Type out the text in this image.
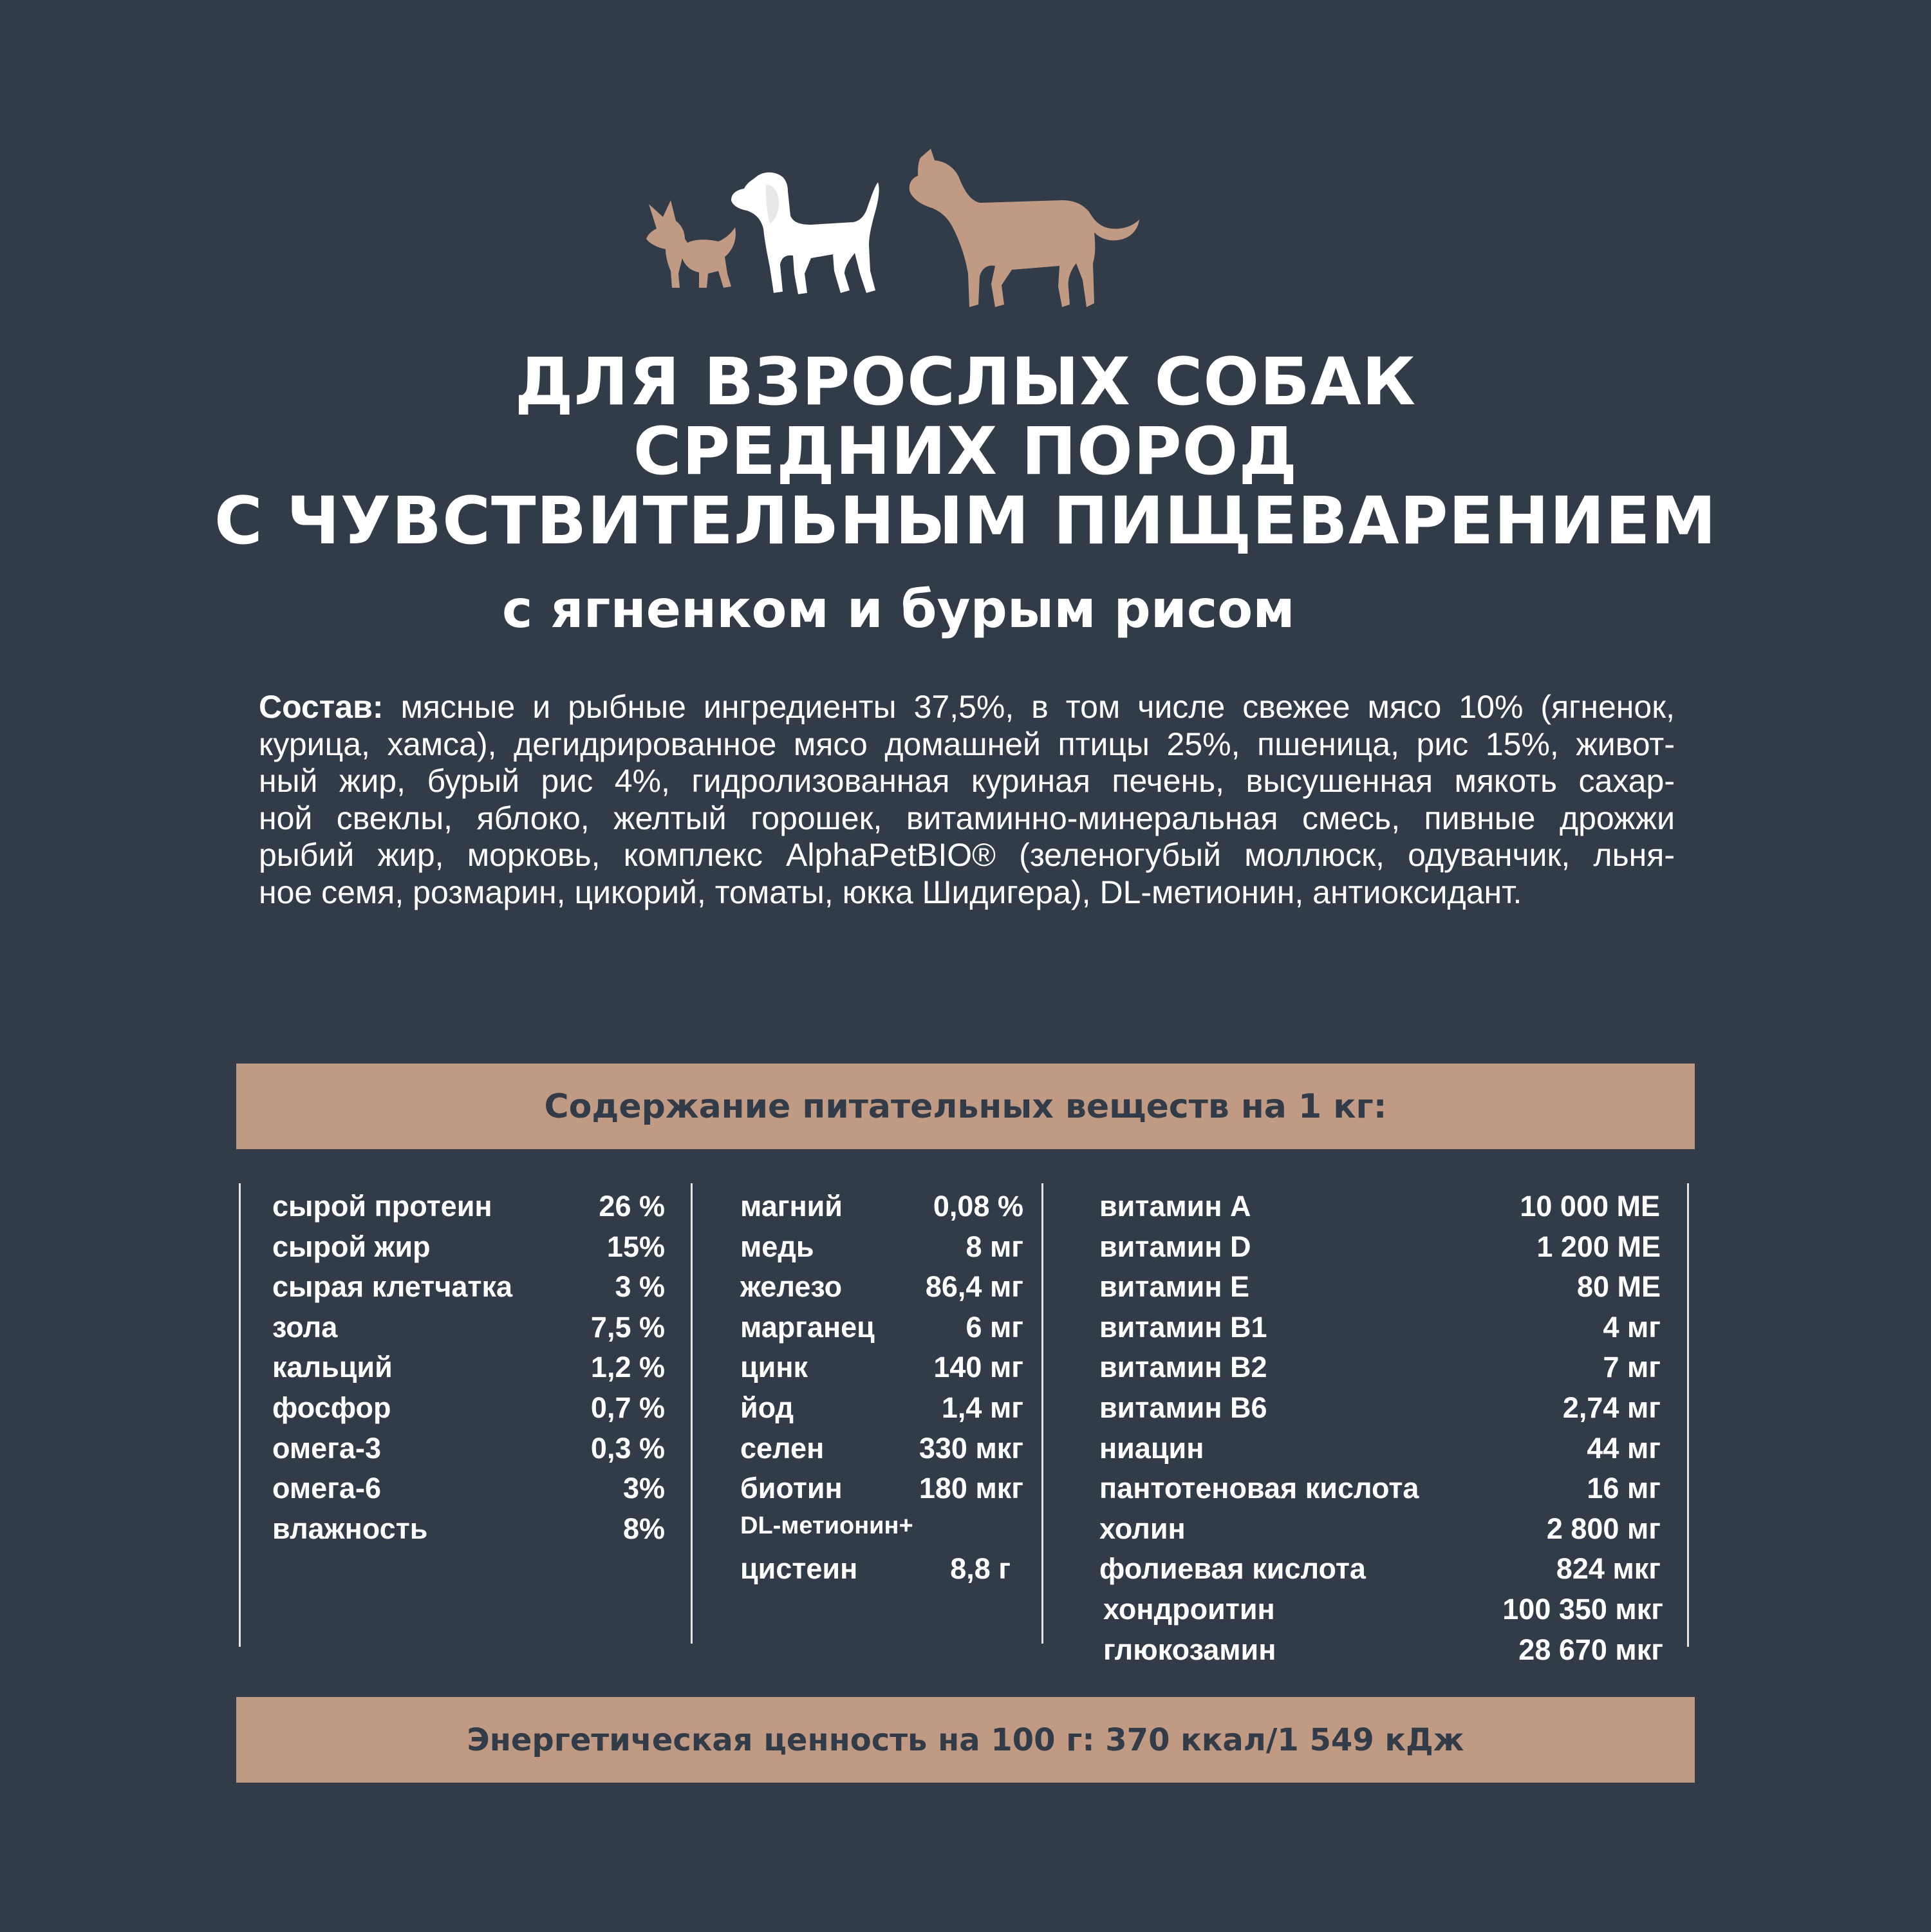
ДЛЯ ВЗРОСЛЫХ СОБАК
СРЕДНИХ ПОРОД
С ЧУВСТВИТЕЛЬНЫМ ПИЩЕВАРЕНИЕМ
с ягненком и бурым рисом
Состав: мясные и рыбные ингредиенты 37,5%, в том числе свежее мясо 10% (ягненок,
курица, хамса), дегидрированное мясо домашней птицы 25%, пшеница, рис 15%, живот-
ный жир, бурый рис 4%, гидролизованная куриная печень, высушенная мякоть сахар-
ной свеклы, яблоко, желтый горошек, витаминно-минеральная смесь, пивные дрожжи
рыбий жир, морковь, комплекс AlphaPetBIO® (зеленогубый моллюск, одуванчик, льня-
ное семя, розмарин, цикорий, томаты, юкка Шидигера), DL-метионин, антиоксидант.
Содержание питательных веществ на 1 кг:
сырой протеин	26 %
сырой жир	15%
сырая клетчатка	3 %
зола	7,5 %
кальций	1,2 %
фосфор	0,7 %
омега-3	0,3 %
омега-6	3%
влажность	8%
магний	0,08 %
медь	8 мг
железо	86,4 мг
марганец	6 мг
цинк	140 мг
йод	1,4 мг
селен	330 мкг
биотин	180 мкг
DL-метионин+
цистеин	8,8 г
витамин А	10 000 МЕ
витамин D	1 200 МЕ
витамин Е	80 МЕ
витамин B1	4 мг
витамин B2	7 мг
витамин B6	2,74 мг
ниацин	44 мг
пантотеновая кислота	16 мг
холин	2 800 мг
фолиевая кислота	824 мкг
хондроитин	100 350 мкг
глюкозамин	28 670 мкг
Энергетическая ценность на 100 г: 370 ккал/1 549 кДж
